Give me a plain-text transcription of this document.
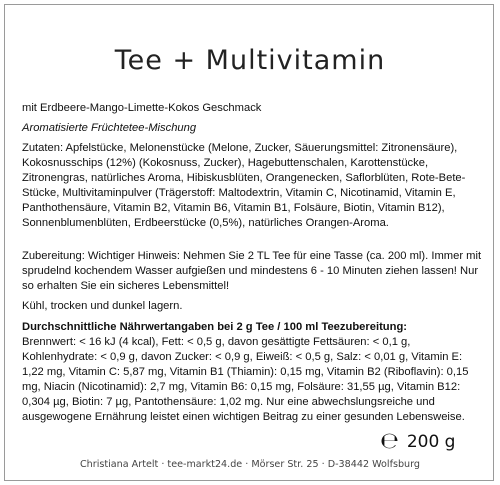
Tee + Multivitamin
mit Erdbeere-Mango-Limette-Kokos Geschmack
Aromatisierte Früchtetee-Mischung
Zutaten: Apfelstücke, Melonenstücke (Melone, Zucker, Säuerungsmittel: Zitronensäure), Kokosnusschips (12%) (Kokosnuss, Zucker), Hagebuttenschalen, Karottenstücke, Zitronengras, natürliches Aroma, Hibiskusblüten, Orangenecken, Saflorblüten, Rote-Bete-Stücke, Multivitaminpulver (Trägerstoff: Maltodextrin, Vitamin C, Nicotinamid, Vitamin E, Panthothensäure, Vitamin B2, Vitamin B6, Vitamin B1, Folsäure, Biotin, Vitamin B12), Sonnenblumenblüten, Erdbeerstücke (0,5%), natürliches Orangen-Aroma.
Zubereitung: Wichtiger Hinweis: Nehmen Sie 2 TL Tee für eine Tasse (ca. 200 ml). Immer mit sprudelnd kochendem Wasser aufgießen und mindestens 6 - 10 Minuten ziehen lassen! Nur so erhalten Sie ein sicheres Lebensmittel!
Kühl, trocken und dunkel lagern.
Durchschnittliche Nährwertangaben bei 2 g Tee / 100 ml Teezubereitung:
Brennwert: < 16 kJ (4 kcal), Fett: < 0,5 g, davon gesättigte Fettsäuren: < 0,1 g, Kohlenhydrate: < 0,9 g, davon Zucker: < 0,9 g, Eiweiß: < 0,5 g, Salz: < 0,01 g, Vitamin E: 1,22 mg, Vitamin C: 5,87 mg, Vitamin B1 (Thiamin): 0,15 mg, Vitamin B2 (Riboflavin): 0,15 mg, Niacin (Nicotinamid): 2,7 mg, Vitamin B6: 0,15 mg, Folsäure: 31,55 µg, Vitamin B12: 0,304 µg, Biotin: 7 µg, Pantothensäure: 1,02 mg. Nur eine abwechslungsreiche und ausgewogene Ernährung leistet einen wichtigen Beitrag zu einer gesunden Lebensweise.
℮ 200 g
Christiana Artelt · tee-markt24.de · Mörser Str. 25 · D-38442 Wolfsburg
